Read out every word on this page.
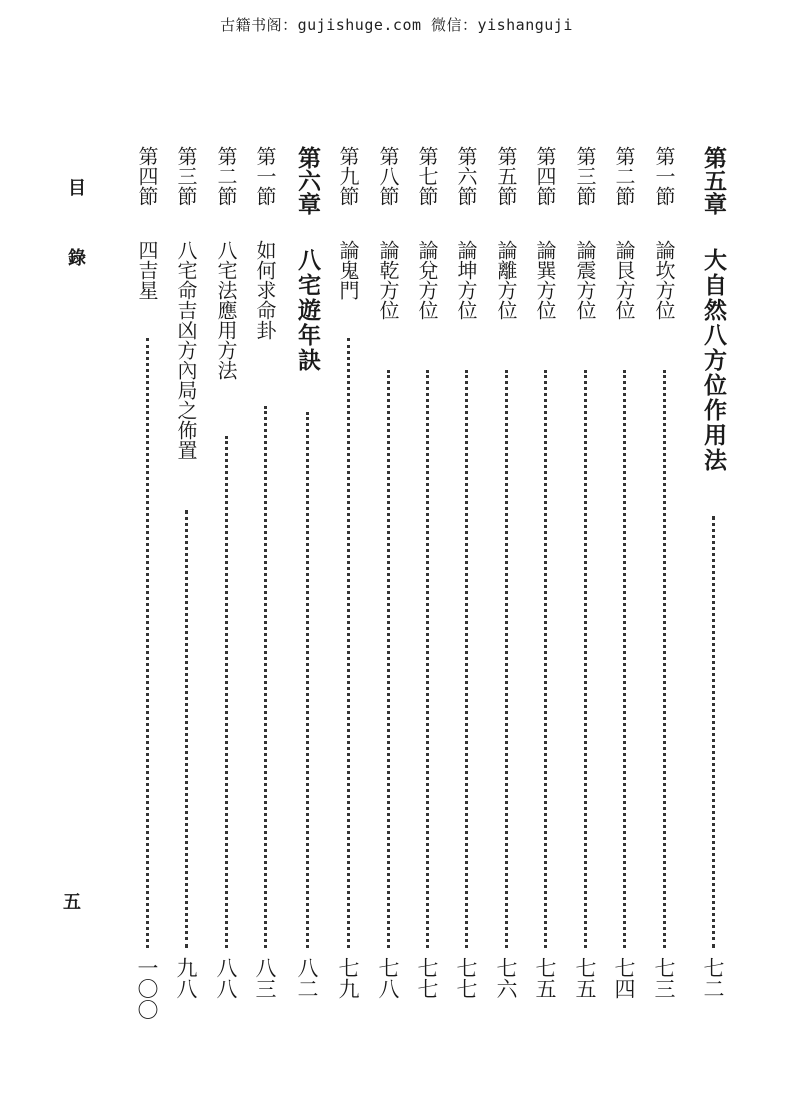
古籍书阁：gujishuge.com 微信：yishanguji
目錄
五
第五章
大自然八方位作用法
七二
第一節
論坎方位
七三
第二節
論艮方位
七四
第三節
論震方位
七五
第四節
論巽方位
七五
第五節
論離方位
七六
第六節
論坤方位
七七
第七節
論兌方位
七七
第八節
論乾方位
七八
第九節
論鬼門
七九
第六章
八宅遊年訣
八二
第一節
如何求命卦
八三
第二節
八宅法應用方法
八八
第三節
八宅命吉凶方內局之佈置
九八
第四節
四吉星
一〇〇
